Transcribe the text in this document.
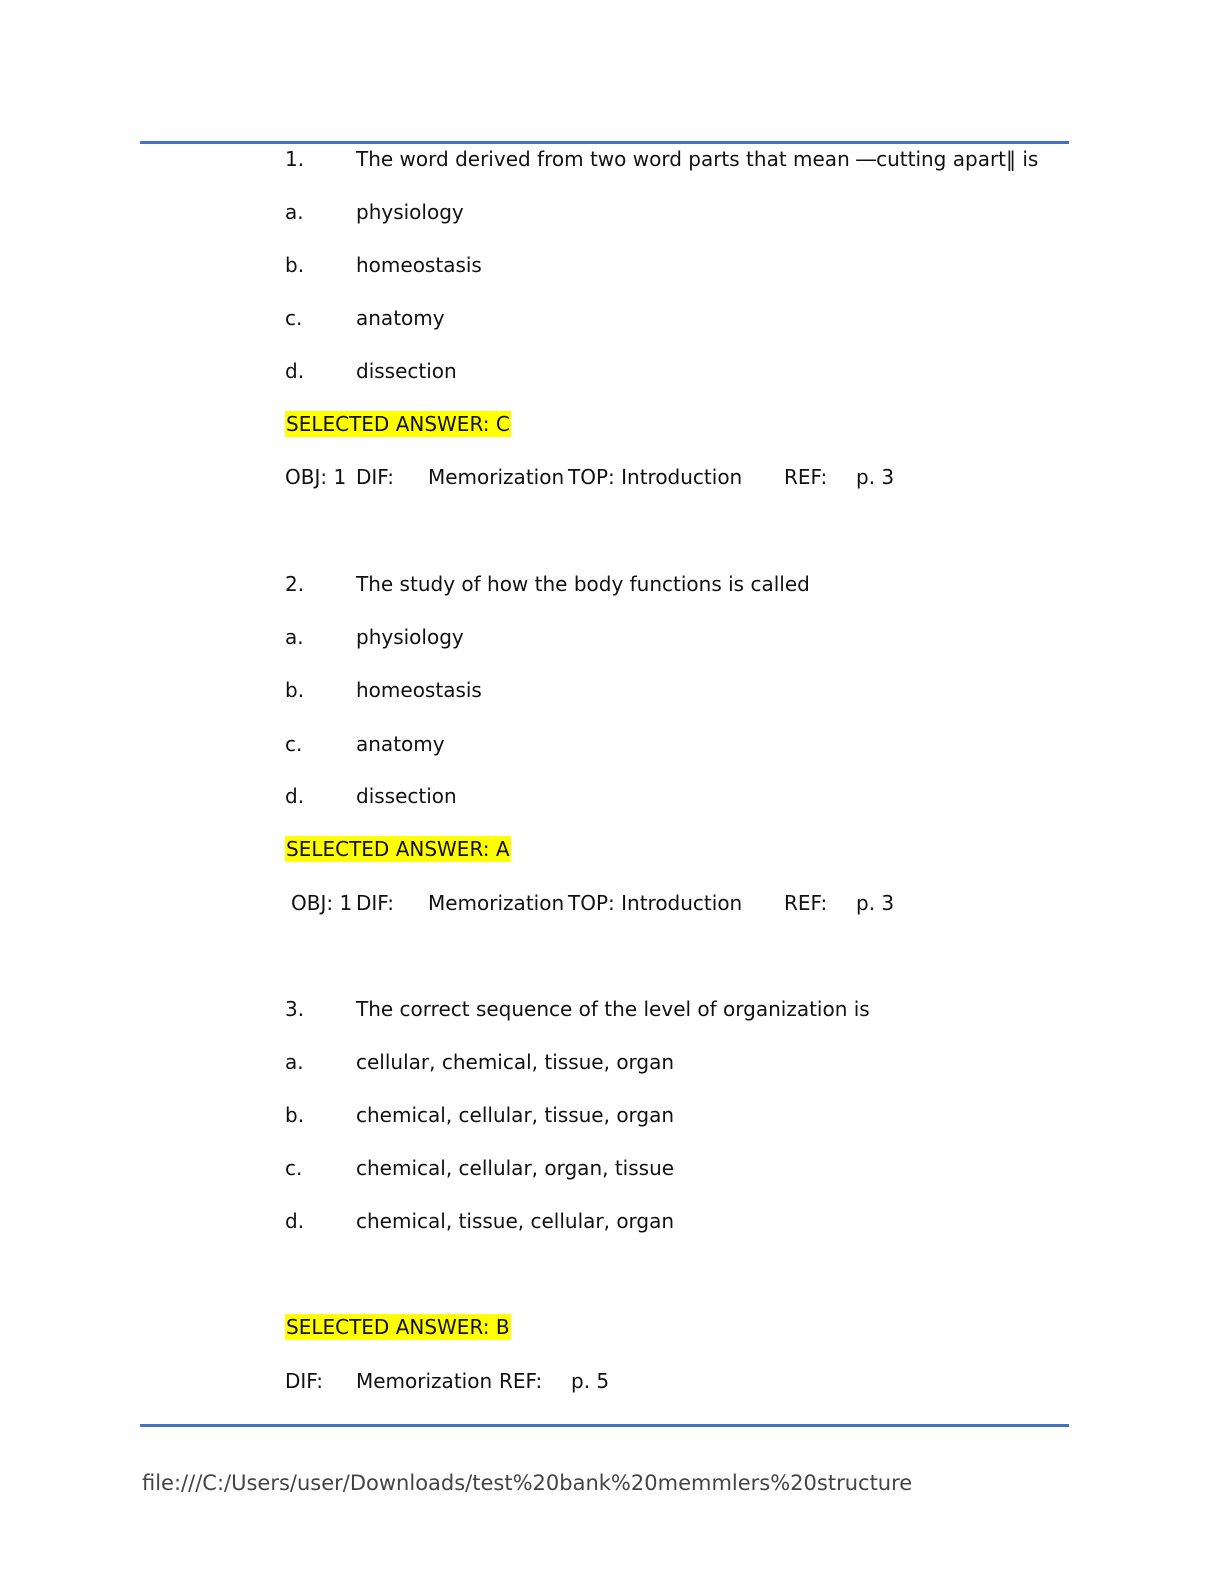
1.	The word derived from two word parts that mean ―cutting apart‖ is
a.	physiology
b.	homeostasis
c.	anatomy
d.	dissection
SELECTED ANSWER: C
OBJ: 1 DIF: Memorization TOP: Introduction REF: p. 3
2.	The study of how the body functions is called
a.	physiology
b.	homeostasis
c.	anatomy
d.	dissection
SELECTED ANSWER: A
OBJ: 1 DIF: Memorization TOP: Introduction REF: p. 3
3.	The correct sequence of the level of organization is
a.	cellular, chemical, tissue, organ
b.	chemical, cellular, tissue, organ
c.	chemical, cellular, organ, tissue
d.	chemical, tissue, cellular, organ
SELECTED ANSWER: B
DIF: Memorization REF: p. 5
file:///C:/Users/user/Downloads/test%20bank%20memmlers%20structure
